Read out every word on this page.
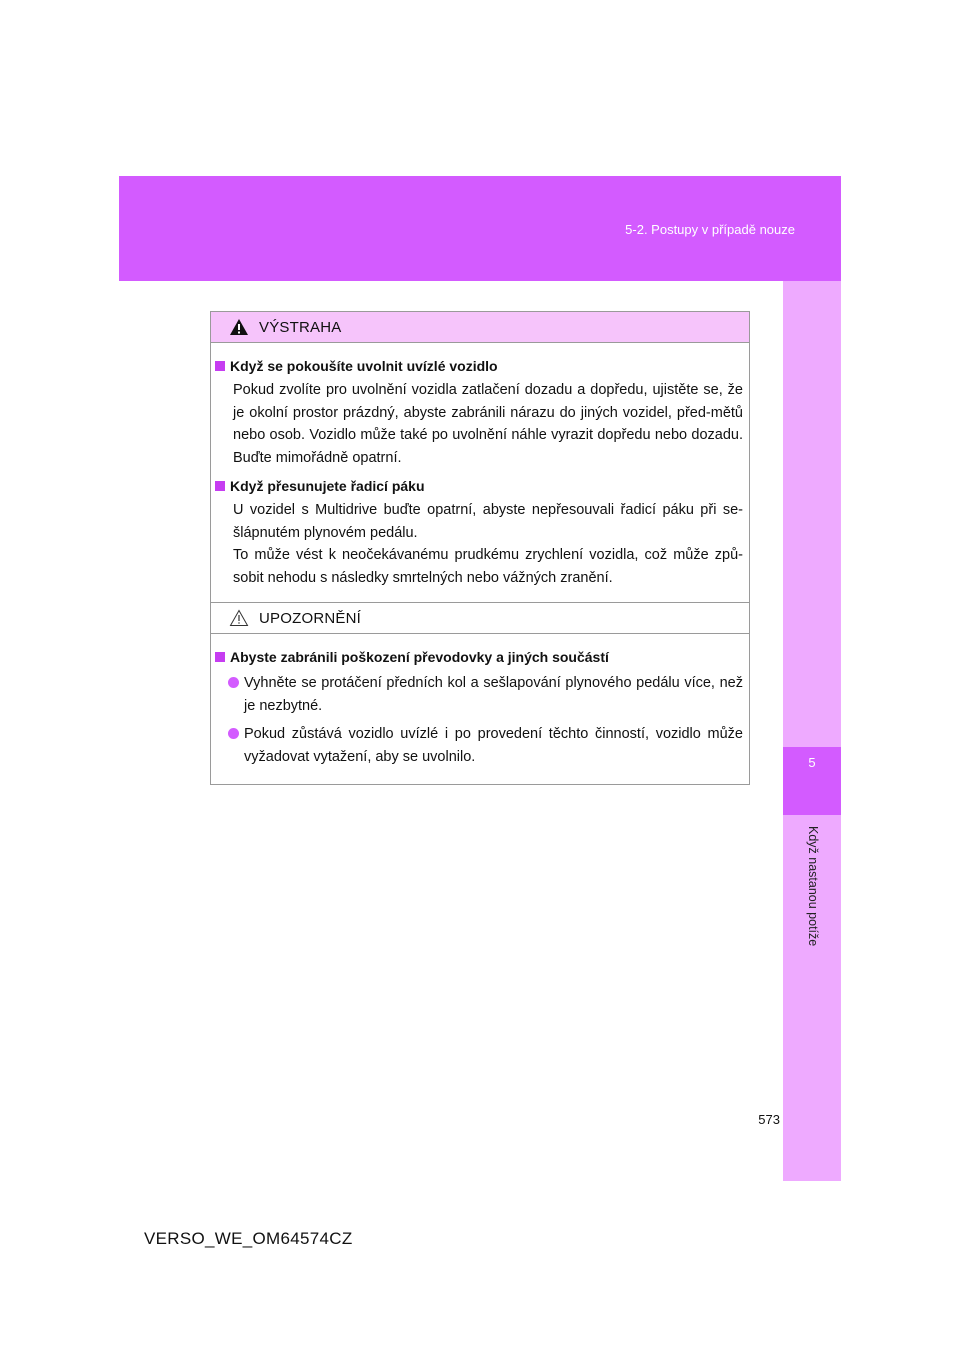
5-2. Postupy v případě nouze
5
Když nastanou potíže
VÝSTRAHA
Když se pokoušíte uvolnit uvízlé vozidlo
Pokud zvolíte pro uvolnění vozidla zatlačení dozadu a dopředu, ujistěte se, že je okolní prostor prázdný, abyste zabránili nárazu do jiných vozidel, před-mětů nebo osob. Vozidlo může také po uvolnění náhle vyrazit dopředu nebo dozadu. Buďte mimořádně opatrní.
Když přesunujete řadicí páku
U vozidel s Multidrive buďte opatrní, abyste nepřesouvali řadicí páku při se-šlápnutém plynovém pedálu.
To může vést k neočekávanému prudkému zrychlení vozidla, což může způ-sobit nehodu s následky smrtelných nebo vážných zranění.
UPOZORNĚNÍ
Abyste zabránili poškození převodovky a jiných součástí
Vyhněte se protáčení předních kol a sešlapování plynového pedálu více, než je nezbytné.
Pokud zůstává vozidlo uvízlé i po provedení těchto činností, vozidlo může vyžadovat vytažení, aby se uvolnilo.
573
VERSO_WE_OM64574CZ
